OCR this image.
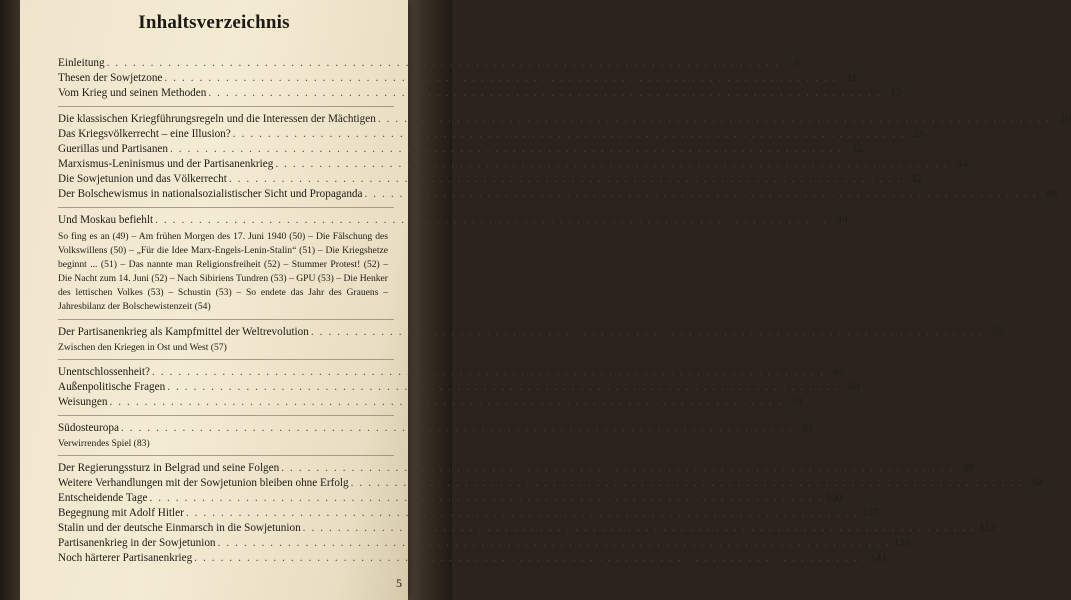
Inhaltsverzeichnis
Einleitung . . .	9
Thesen der Sowjetzone . . .	11
Vom Krieg und seinen Methoden . . .	13
Die klassischen Kriegführungsregeln und die Interessen der Mächtigen . . .	20
Das Kriegsvölkerrecht – eine Illusion? . . .	26
Guerillas und Partisanen . . .	32
Marxismus-Leninismus und der Partisanenkrieg . . .	34
Die Sowjetunion und das Völkerrecht . . .	42
Der Bolschewismus in nationalsozialistischer Sicht und Propaganda . . .	46
Und Moskau befiehlt . . .	49
So fing es an (49) – Am frühen Morgen des 17. Juni 1940 (50) – Die Fälschung des Volkswillens (50) – „Für die Idee Marx-Engels-Lenin-Stalin“ (51) – Die Kriegshetze beginnt ... (51) – Das nannte man Religionsfreiheit (52) – Stummer Protest! (52) – Die Nacht zum 14. Juni (52) – Nach Sibiriens Tundren (53) – GPU (53) – Die Henker des lettischen Volkes (53) – Schustin (53) – So endete das Jahr des Grauens – Jahresbilanz der Bolschewistenzeit (54)
Der Partisanenkrieg als Kampfmittel der Weltrevolution . . .	55
Zwischen den Kriegen in Ost und West (57)
Unentschlossenheit? . . .	62
Außenpolitische Fragen . . .	69
Weisungen . . .	78
Südosteuropa . . .	81
Verwirrendes Spiel (83)
Der Regierungssturz in Belgrad und seine Folgen . . .	89
Weitere Verhandlungen mit der Sowjetunion bleiben ohne Erfolg . . .	94
Entscheidende Tage . . .	100
Begegnung mit Adolf Hitler . . .	107
Stalin und der deutsche Einmarsch in die Sowjetunion . . .	112
Partisanenkrieg in der Sowjetunion . . .	129
Noch härterer Partisanenkrieg . . .	141
5
